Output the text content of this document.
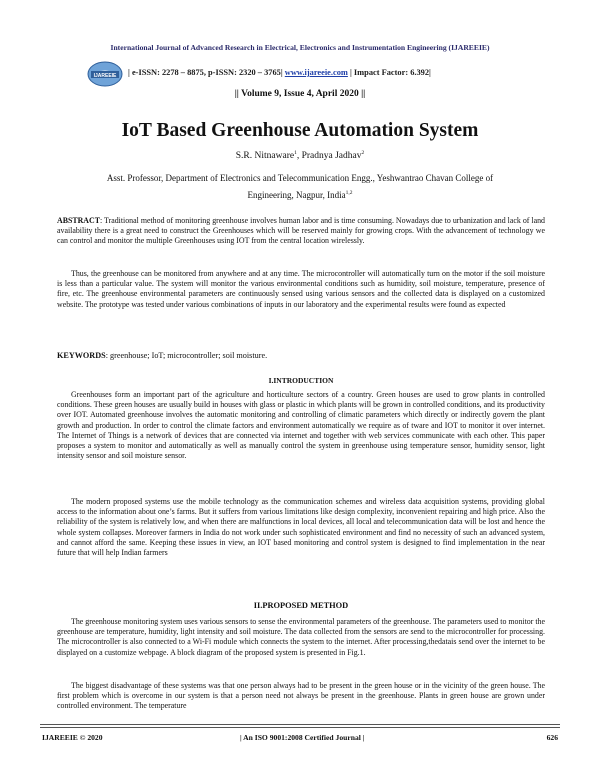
International Journal of Advanced Research in Electrical, Electronics and Instrumentation Engineering (IJAREEIE)
IJAREEIE | e-ISSN: 2278 – 8875, p-ISSN: 2320 – 3765| www.ijareeie.com | Impact Factor: 6.392|
|| Volume 9, Issue 4, April 2020 ||
IoT Based Greenhouse Automation System
S.R. Nitnaware$^1$, Pradnya Jadhav$^2$
Asst. Professor, Department of Electronics and Telecommunication Engg., Yeshwantrao Chavan College of Engineering, Nagpur, India$^{1,2}$
ABSTRACT: Traditional method of monitoring greenhouse involves human labor and is time consuming. Nowadays due to urbanization and lack of land availability there is a great need to construct the Greenhouses which will be reserved mainly for growing crops. With the advancement of technology we can control and monitor the multiple Greenhouses using IOT from the central location wirelessly.
Thus, the greenhouse can be monitored from anywhere and at any time. The microcontroller will automatically turn on the motor if the soil moisture is less than a particular value. The system will monitor the various environmental conditions such as humidity, soil moisture, temperature, presence of fire, etc. The greenhouse environmental parameters are continuously sensed using various sensors and the collected data is displayed on a customized website. The prototype was tested under various combinations of inputs in our laboratory and the experimental results were found as expected
KEYWORDS: greenhouse; IoT; microcontroller; soil moisture.
I.INTRODUCTION
Greenhouses form an important part of the agriculture and horticulture sectors of a country. Green houses are used to grow plants in controlled conditions. These green houses are usually build in houses with glass or plastic in which plants will be grown in controlled conditions, and its productivity over IOT. Automated greenhouse involves the automatic monitoring and controlling of climatic parameters which directly or indirectly govern the plant growth and production. In order to control the climate factors and environment automatically we require as of tware and IOT to monitor it over internet. The Internet of Things is a network of devices that are connected via internet and together with web services communicate with each other. This paper proposes a system to monitor and automatically as well as manually control the system in greenhouse using temperature sensor, humidity sensor, light intensity sensor and soil moisture sensor.
The modern proposed systems use the mobile technology as the communication schemes and wireless data acquisition systems, providing global access to the information about one’s farms. But it suffers from various limitations like design complexity, inconvenient repairing and high price. Also the reliability of the system is relatively low, and when there are malfunctions in local devices, all local and telecommunication data will be lost and hence the whole system collapses. Moreover farmers in India do not work under such sophisticated environment and find no necessity of such an advanced system, and cannot afford the same. Keeping these issues in view, an IOT based monitoring and control system is designed to find implementation in the near future that will help Indian farmers
II.PROPOSED METHOD
The greenhouse monitoring system uses various sensors to sense the environmental parameters of the greenhouse. The parameters used to monitor the greenhouse are temperature, humidity, light intensity and soil moisture. The data collected from the sensors are send to the microcontroller for processing. The microcontroller is also connected to a Wi-Fi module which connects the system to the internet. After processing,thedatais send over the internet to be displayed on a customize webpage. A block diagram of the proposed system is presented in Fig.1.
The biggest disadvantage of these systems was that one person always had to be present in the green house or in the vicinity of the green house. The first problem which is overcome in our system is that a person need not always be present in the greenhouse. Plants in green house are grown under controlled environment. The temperature
IJAREEIE © 2020	| An ISO 9001:2008 Certified Journal |	626
